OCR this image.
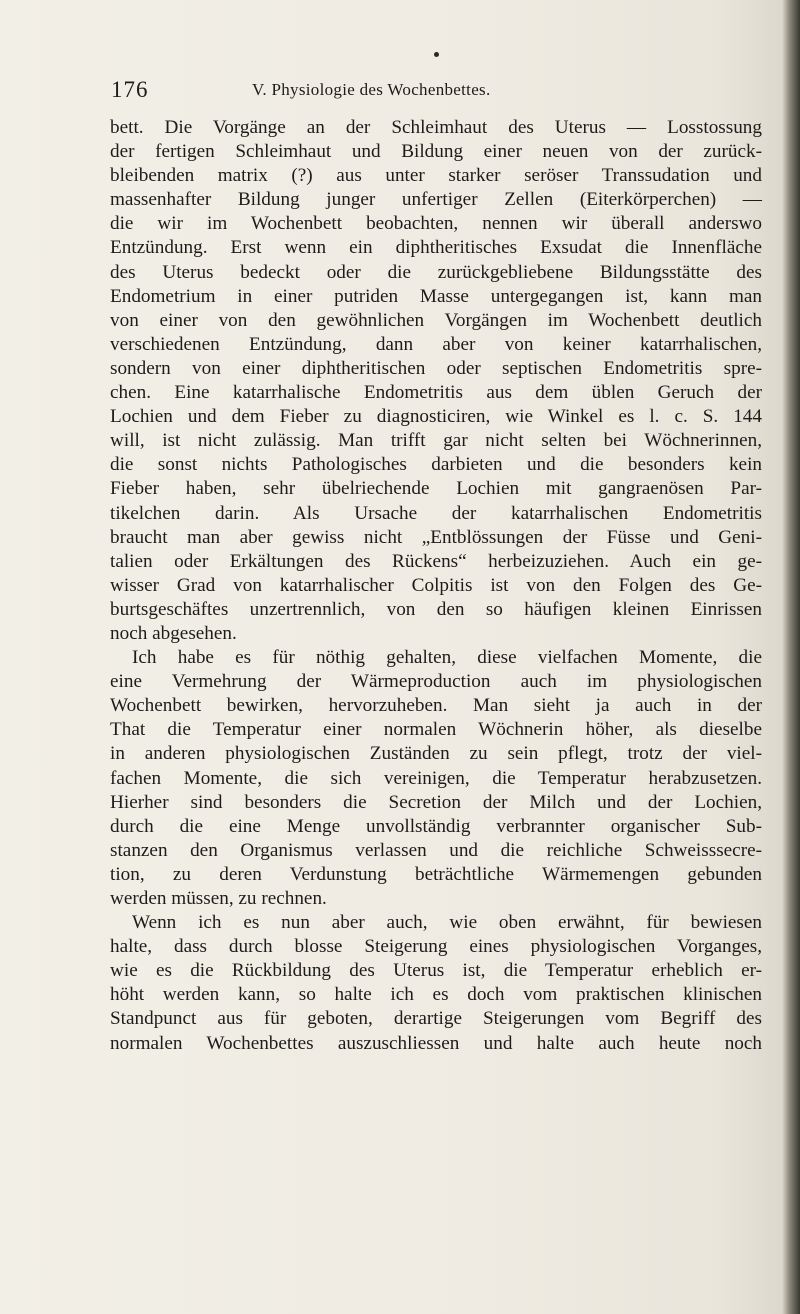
176	V. Physiologie des Wochenbettes.
bett. Die Vorgänge an der Schleimhaut des Uterus — Losstossung
der fertigen Schleimhaut und Bildung einer neuen von der zurück-
bleibenden matrix (?) aus unter starker seröser Transsudation und
massenhafter Bildung junger unfertiger Zellen (Eiterkörperchen) —
die wir im Wochenbett beobachten, nennen wir überall anderswo
Entzündung. Erst wenn ein diphtheritisches Exsudat die Innenfläche
des Uterus bedeckt oder die zurückgebliebene Bildungsstätte des
Endometrium in einer putriden Masse untergegangen ist, kann man
von einer von den gewöhnlichen Vorgängen im Wochenbett deutlich
verschiedenen Entzündung, dann aber von keiner katarrhalischen,
sondern von einer diphtheritischen oder septischen Endometritis spre-
chen. Eine katarrhalische Endometritis aus dem üblen Geruch der
Lochien und dem Fieber zu diagnosticiren, wie Winkel es l. c. S. 144
will, ist nicht zulässig. Man trifft gar nicht selten bei Wöchnerinnen,
die sonst nichts Pathologisches darbieten und die besonders kein
Fieber haben, sehr übelriechende Lochien mit gangraenösen Par-
tikelchen darin. Als Ursache der katarrhalischen Endometritis
braucht man aber gewiss nicht „Entblössungen der Füsse und Geni-
talien oder Erkältungen des Rückens“ herbeizuziehen. Auch ein ge-
wisser Grad von katarrhalischer Colpitis ist von den Folgen des Ge-
burtsgeschäftes unzertrennlich, von den so häufigen kleinen Einrissen
noch abgesehen.
Ich habe es für nöthig gehalten, diese vielfachen Momente, die
eine Vermehrung der Wärmeproduction auch im physiologischen
Wochenbett bewirken, hervorzuheben. Man sieht ja auch in der
That die Temperatur einer normalen Wöchnerin höher, als dieselbe
in anderen physiologischen Zuständen zu sein pflegt, trotz der viel-
fachen Momente, die sich vereinigen, die Temperatur herabzusetzen.
Hierher sind besonders die Secretion der Milch und der Lochien,
durch die eine Menge unvollständig verbrannter organischer Sub-
stanzen den Organismus verlassen und die reichliche Schweisssecre-
tion, zu deren Verdunstung beträchtliche Wärmemengen gebunden
werden müssen, zu rechnen.
Wenn ich es nun aber auch, wie oben erwähnt, für bewiesen
halte, dass durch blosse Steigerung eines physiologischen Vorganges,
wie es die Rückbildung des Uterus ist, die Temperatur erheblich er-
höht werden kann, so halte ich es doch vom praktischen klinischen
Standpunct aus für geboten, derartige Steigerungen vom Begriff des
normalen Wochenbettes auszuschliessen und halte auch heute noch
